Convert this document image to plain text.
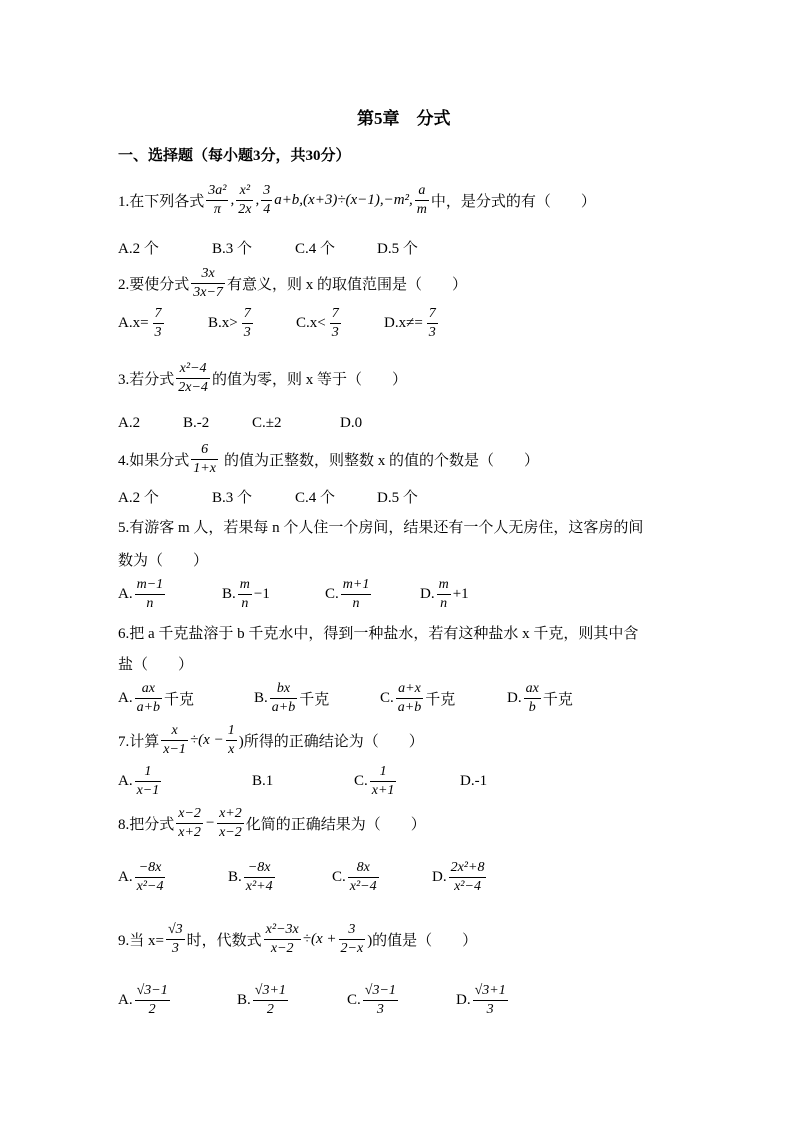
第5章　分式
一、选择题（每小题3分，共30分）
1.在下列各式 $\frac{\text{3a²}}{\pi}$ , $\frac{\text{x²}}{2x}$ , $\frac{3}{4} a+b,(x+3)\div(x-1),-m^2$, $\frac{a}{m}$ 中，是分式的有（　　）
A.2 个	B.3 个	C.4 个	D.5 个
2.要使分式 $\frac{3x}{3x-7}$ 有意义，则 x 的取值范围是（　　）
$A.x= \frac{7}{3}$	$B.x> \frac{7}{3}$	$C.x< \frac{7}{3}$	$D.x\ne= \frac{7}{3}$
3.若分式 $\frac{\text{x²−4}}{2x-4}$ 的值为零，则 x 等于（　　）
A.2	B.-2	C.±2	D.0
4.如果分式 $\frac{6}{1+x}$ 的值为正整数，则整数 x 的值的个数是（　　）
A.2 个	B.3 个	C.4 个	D.5 个
5.有游客 m 人，若果每 n 个人住一个房间，结果还有一个人无房住，这客房的间
数为（　　）
A. $\frac{m-1}{n}$	B. $\frac{m}{n} -1$	C. $\frac{m+1}{n}$	D. $\frac{m}{n} +1$
6.把 a 千克盐溶于 b 千克水中，得到一种盐水，若有这种盐水 x 千克，则其中含
盐（　　）
A. $\frac{ax}{a+b}$ 千克	B. $\frac{bx}{a+b}$ 千克	C. $\frac{a+x}{a+b}$ 千克	D. $\frac{ax}{b}$ 千克
7.计算 $\frac{x}{x-1} \div(x - \frac{1}{x}$ )所得的正确结论为（　　）
A. $\frac{1}{x-1}$	B.1	C. $\frac{1}{x+1}$	D.-1
8.把分式 $\frac{x-2}{x+2} - \frac{x+2}{x-2}$ 化简的正确结果为（　　）
A. $\frac{-8x}{\text{x²−4}}$	B. $\frac{-8x}{\text{x²+4}}$	C. $\frac{8x}{\text{x²−4}}$	D. $\frac{\text{2x²+8}}{\text{x²−4}}$
9.当 $x= \frac{√3}{3}$ 时，代数式 $\frac{\text{x²−3x}}{x-2} \div(x + \frac{3}{2-x}$ )的值是（　　）
A. $\frac{√3-1}{2}$	B. $\frac{√3+1}{2}$	C. $\frac{√3-1}{3}$	D. $\frac{√3+1}{3}$
